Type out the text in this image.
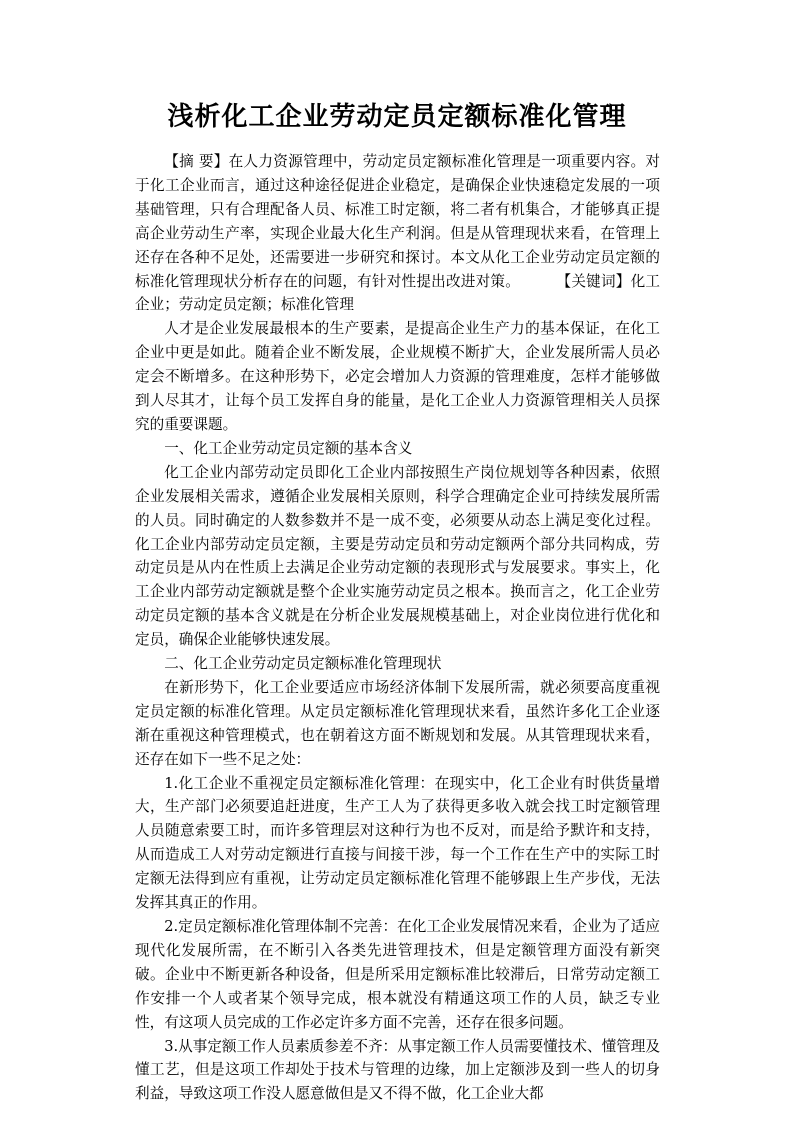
浅析化工企业劳动定员定额标准化管理

【摘 要】在人力资源管理中，劳动定员定额标准化管理是一项重要内容。对于化工企业而言，通过这种途径促进企业稳定，是确保企业快速稳定发展的一项基础管理，只有合理配备人员、标准工时定额，将二者有机集合，才能够真正提高企业劳动生产率，实现企业最大化生产利润。但是从管理现状来看，在管理上还存在各种不足处，还需要进一步研究和探讨。本文从化工企业劳动定员定额的标准化管理现状分析存在的问题，有针对性提出改进对策。	【关键词】化工企业；劳动定员定额；标准化管理

人才是企业发展最根本的生产要素，是提高企业生产力的基本保证，在化工企业中更是如此。随着企业不断发展，企业规模不断扩大，企业发展所需人员必定会不断增多。在这种形势下，必定会增加人力资源的管理难度，怎样才能够做到人尽其才，让每个员工发挥自身的能量，是化工企业人力资源管理相关人员探究的重要课题。

一、化工企业劳动定员定额的基本含义

化工企业内部劳动定员即化工企业内部按照生产岗位规划等各种因素，依照企业发展相关需求，遵循企业发展相关原则，科学合理确定企业可持续发展所需的人员。同时确定的人数参数并不是一成不变，必须要从动态上满足变化过程。化工企业内部劳动定员定额，主要是劳动定员和劳动定额两个部分共同构成，劳动定员是从内在性质上去满足企业劳动定额的表现形式与发展要求。事实上，化工企业内部劳动定额就是整个企业实施劳动定员之根本。换而言之，化工企业劳动定员定额的基本含义就是在分析企业发展规模基础上，对企业岗位进行优化和定员，确保企业能够快速发展。

二、化工企业劳动定员定额标准化管理现状

在新形势下，化工企业要适应市场经济体制下发展所需，就必须要高度重视定员定额的标准化管理。从定员定额标准化管理现状来看，虽然许多化工企业逐渐在重视这种管理模式，也在朝着这方面不断规划和发展。从其管理现状来看，还存在如下一些不足之处：

1.化工企业不重视定员定额标准化管理：在现实中，化工企业有时供货量增大，生产部门必须要追赶进度，生产工人为了获得更多收入就会找工时定额管理人员随意索要工时，而许多管理层对这种行为也不反对，而是给予默许和支持，从而造成工人对劳动定额进行直接与间接干涉，每一个工作在生产中的实际工时定额无法得到应有重视，让劳动定员定额标准化管理不能够跟上生产步伐，无法发挥其真正的作用。

2.定员定额标准化管理体制不完善：在化工企业发展情况来看，企业为了适应现代化发展所需，在不断引入各类先进管理技术，但是定额管理方面没有新突破。企业中不断更新各种设备，但是所采用定额标准比较滞后，日常劳动定额工作安排一个人或者某个领导完成，根本就没有精通这项工作的人员，缺乏专业性，有这项人员完成的工作必定许多方面不完善，还存在很多问题。

3.从事定额工作人员素质参差不齐：从事定额工作人员需要懂技术、懂管理及懂工艺，但是这项工作却处于技术与管理的边缘，加上定额涉及到一些人的切身利益，导致这项工作没人愿意做但是又不得不做，化工企业大都
